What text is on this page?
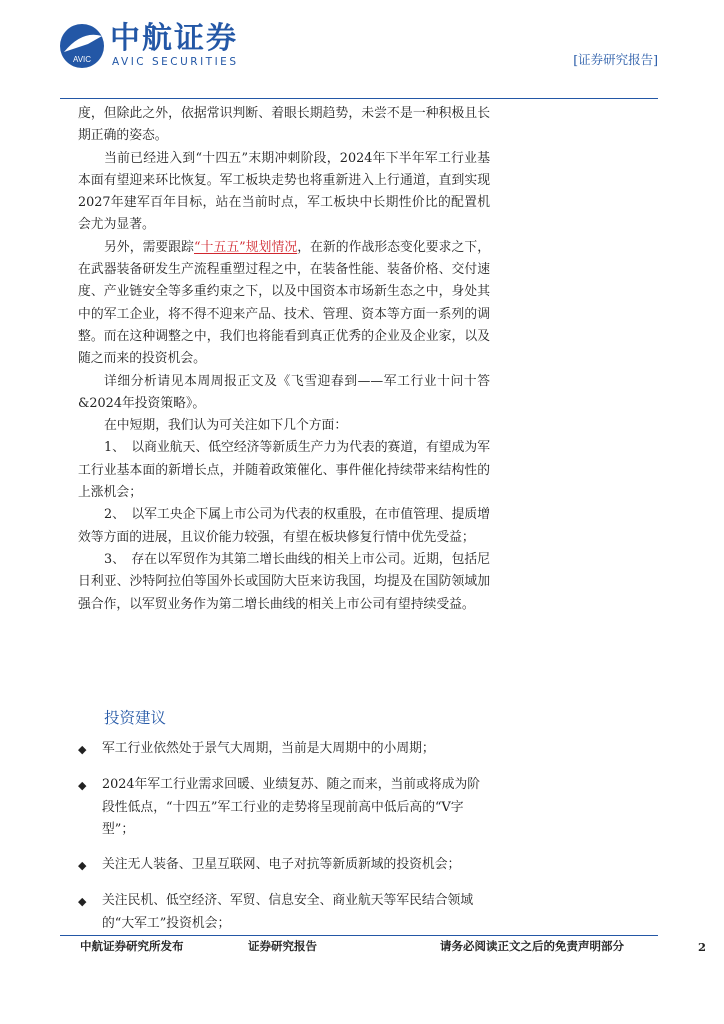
AVIC
中航证券
AVIC SECURITIES	[证券研究报告]

度，但除此之外，依据常识判断、着眼长期趋势，未尝不是一种积极且长期正确的姿态。

当前已经进入到“十四五”末期冲刺阶段，2024年下半年军工行业基本面有望迎来环比恢复。军工板块走势也将重新进入上行通道，直到实现2027年建军百年目标，站在当前时点，军工板块中长期性价比的配置机会尤为显著。

另外，需要跟踪“十五五”规划情况，在新的作战形态变化要求之下，在武器装备研发生产流程重塑过程之中，在装备性能、装备价格、交付速度、产业链安全等多重约束之下，以及中国资本市场新生态之中，身处其中的军工企业，将不得不迎来产品、技术、管理、资本等方面一系列的调整。而在这种调整之中，我们也将能看到真正优秀的企业及企业家，以及随之而来的投资机会。

详细分析请见本周周报正文及《飞雪迎春到——军工行业十问十答&2024年投资策略》。

在中短期，我们认为可关注如下几个方面：

1、　以商业航天、低空经济等新质生产力为代表的赛道，有望成为军工行业基本面的新增长点，并随着政策催化、事件催化持续带来结构性的上涨机会；

2、　以军工央企下属上市公司为代表的权重股，在市值管理、提质增效等方面的进展，且议价能力较强，有望在板块修复行情中优先受益；

3、　存在以军贸作为其第二增长曲线的相关上市公司。近期，包括尼日利亚、沙特阿拉伯等国外长或国防大臣来访我国，均提及在国防领域加强合作，以军贸业务作为第二增长曲线的相关上市公司有望持续受益。

投资建议
◆	军工行业依然处于景气大周期，当前是大周期中的小周期；
◆	2024年军工行业需求回暖、业绩复苏、随之而来，当前或将成为阶段性低点，“十四五”军工行业的走势将呈现前高中低后高的“V字型”；
◆	关注无人装备、卫星互联网、电子对抗等新质新域的投资机会；
◆	关注民机、低空经济、军贸、信息安全、商业航天等军民结合领域的“大军工”投资机会；
中航证券研究所发布	证券研究报告	请务必阅读正文之后的免责声明部分	2
